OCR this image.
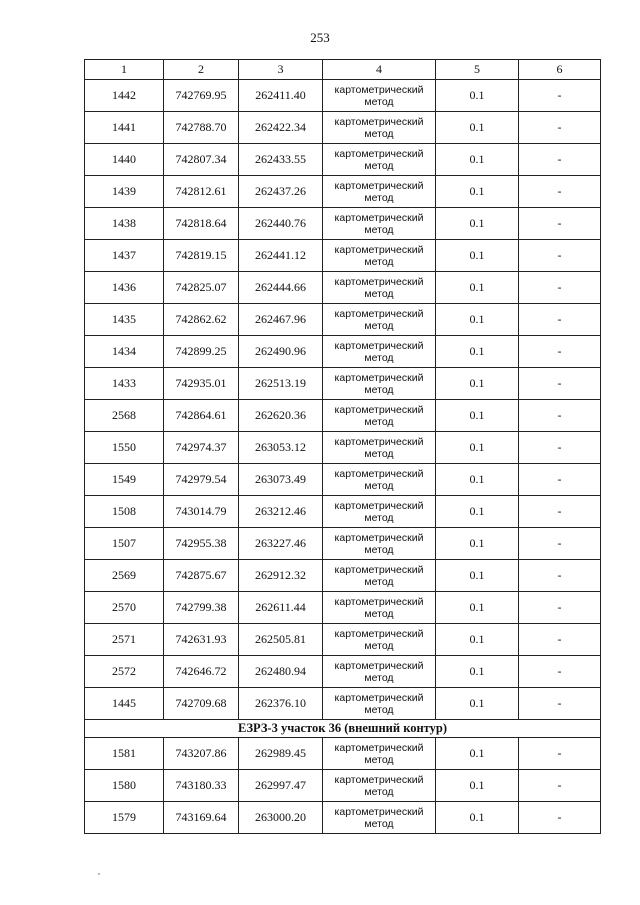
253
1	2	3	4	5	6
1442	742769.95	262411.40	картометрический метод	0.1	-
1441	742788.70	262422.34	картометрический метод	0.1	-
1440	742807.34	262433.55	картометрический метод	0.1	-
1439	742812.61	262437.26	картометрический метод	0.1	-
1438	742818.64	262440.76	картометрический метод	0.1	-
1437	742819.15	262441.12	картометрический метод	0.1	-
1436	742825.07	262444.66	картометрический метод	0.1	-
1435	742862.62	262467.96	картометрический метод	0.1	-
1434	742899.25	262490.96	картометрический метод	0.1	-
1433	742935.01	262513.19	картометрический метод	0.1	-
2568	742864.61	262620.36	картометрический метод	0.1	-
1550	742974.37	263053.12	картометрический метод	0.1	-
1549	742979.54	263073.49	картометрический метод	0.1	-
1508	743014.79	263212.46	картометрический метод	0.1	-
1507	742955.38	263227.46	картометрический метод	0.1	-
2569	742875.67	262912.32	картометрический метод	0.1	-
2570	742799.38	262611.44	картометрический метод	0.1	-
2571	742631.93	262505.81	картометрический метод	0.1	-
2572	742646.72	262480.94	картометрический метод	0.1	-
1445	742709.68	262376.10	картометрический метод	0.1	-
ЕЗРЗ-3 участок 36 (внешний контур)					
1581	743207.86	262989.45	картометрический метод	0.1	-
1580	743180.33	262997.47	картометрический метод	0.1	-
1579	743169.64	263000.20	картометрический метод	0.1	-
